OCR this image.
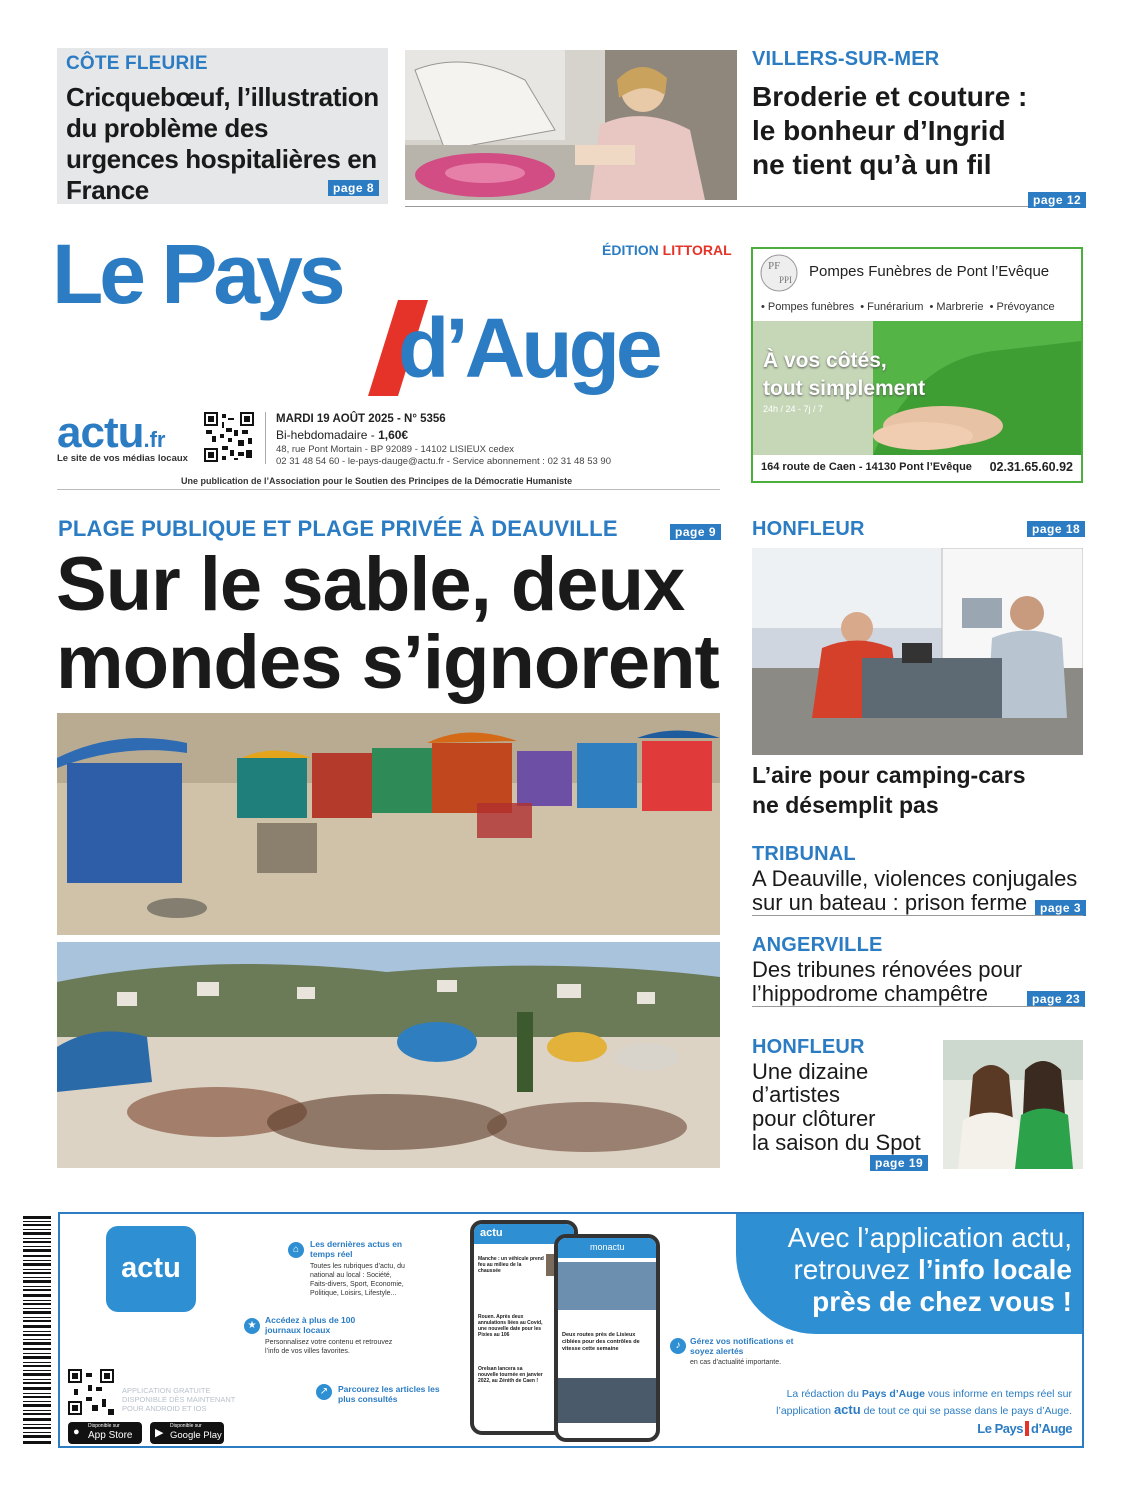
CÔTE FLEURIE
Cricquebœuf, l’illustration du problème des urgences hospitalières en France	page 8
VILLERS-SUR-MER
Broderie et couture :
le bonheur d’Ingrid
ne tient qu’à un fil
page 12
Le Pays
d’Auge
ÉDITION LITTORAL
actu.fr
Le site de vos médias locaux
MARDI 19 AOÛT 2025 - N° 5356
Bi-hebdomadaire - 1,60€
48, rue Pont Mortain - BP 92089 - 14102 LISIEUX cedex
02 31 48 54 60 - le-pays-dauge@actu.fr - Service abonnement : 02 31 48 53 90
Une publication de l’Association pour le Soutien des Principes de la Démocratie Humaniste
PF
PPI Pompes Funèbres de Pont l’Evêque
• Pompes funèbres  • Funérarium  • Marbrerie  • Prévoyance
À vos côtés,
tout simplement
24h / 24 - 7j / 7
164 route de Caen - 14130 Pont l’Evêque 02.31.65.60.92
PLAGE PUBLIQUE ET PLAGE PRIVÉE À DEAUVILLE	page 9
Sur le sable, deux
mondes s’ignorent
HONFLEUR	page 18
L’aire pour camping-cars
ne désemplit pas
TRIBUNAL
A Deauville, violences conjugales
sur un bateau : prison ferme	page 3
ANGERVILLE
Des tribunes rénovées pour
l’hippodrome champêtre	page 23
HONFLEUR
Une dizaine
d’artistes
pour clôturer
la saison du Spot
page 19
actu
⌂	Les dernières actus en temps réel
Toutes les rubriques d’actu, du national au local : Société, Faits-divers, Sport, Economie, Politique, Loisirs, Lifestyle...
★	Accédez à plus de 100 journaux locaux
Personnalisez votre contenu et retrouvez l’info de vos villes favorites.
↗	Parcourez les articles les plus consultés
♪	Gérez vos notifications et soyez alertés
en cas d’actualité importante.
actu
Manche : un véhicule prend feu au milieu de la chaussée
Rouen. Après deux annulations liées au Covid, une nouvelle date pour les Pixies au 106
Orelsan lancera sa nouvelle tournée en janvier 2022, au Zénith de Caen !
monactu
Deux routes près de Lisieux ciblées pour des contrôles de vitesse cette semaine
APPLICATION GRATUITE DISPONIBLE DÈS MAINTENANT POUR ANDROID ET IOS
● Disponible sur
App Store ▶
Disponible sur
Google Play
Avec l’application actu,
retrouvez l’info locale
près de chez vous !
La rédaction du Pays d’Auge vous informe en temps réel sur
l’application actu de tout ce qui se passe dans le pays d’Auge.
Le Pays d’Auge
